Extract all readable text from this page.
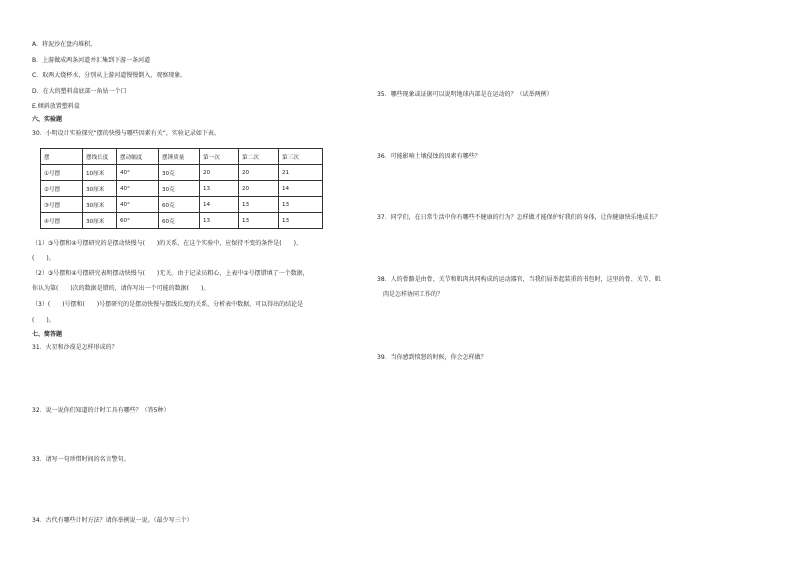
A．将泥沙在盘内堆积。
B．上游做成两条河道并汇集到下游一条河道
C．取两大烧杯水，分别从上游河道慢慢倒入，观察现象。
D．在大的塑料盒底部一角钻一个口
E.倾斜放置塑料盒
六、实验题
30．小明设计实验探究“摆的快慢与哪些因素有关”，实验记录如下表。
摆	摆线长度	摆动幅度	摆锤质量	第一次	第二次	第三次
①号摆	10厘米	40°	30克	20	20	21
②号摆	30厘米	40°	30克	13	20	14
③号摆	30厘米	40°	60克	14	13	13
④号摆	30厘米	60°	60克	13	13	13
（1）③号摆和④号摆研究的是摆动快慢与(　　)的关系，在这个实验中，应保持不变的条件是(　　)、
(　　)。
（2）③号摆和④号摆研究表明摆动快慢与(　　)无关。由于记录员粗心，上表中②号摆错填了一个数据，
你认为第(　　)次的数据是错的，请你写出一个可能的数据(　　)。
（3）(　　)号摆和(　　)号摆研究的是摆动快慢与摆线长度的关系，分析表中数据，可以得出的结论是
(　　)。
七、简答题
31．火星和沙漠是怎样形成的？
32．说一说你们知道的计时工具有哪些？（答5种）
33．请写一句珍惜时间的名言警句。
34．古代有哪些计时方法？请你举例说一说。（最少写三个）
35．哪些现象或证据可以说明地球内部是在运动的？（试举两例）
36．可能影响土壤侵蚀的因素有哪些？
37．同学们，在日常生活中你有哪些不健康的行为？怎样做才能保护好我们的身体，让你健康快乐地成长？
38．人的骨骼是由骨、关节和肌肉共同构成的运动器官，当我们屈举起装重的书包时，这里的骨、关节、肌
肉是怎样协同工作的？
39．当你感到愤怒的时候，你会怎样做？
